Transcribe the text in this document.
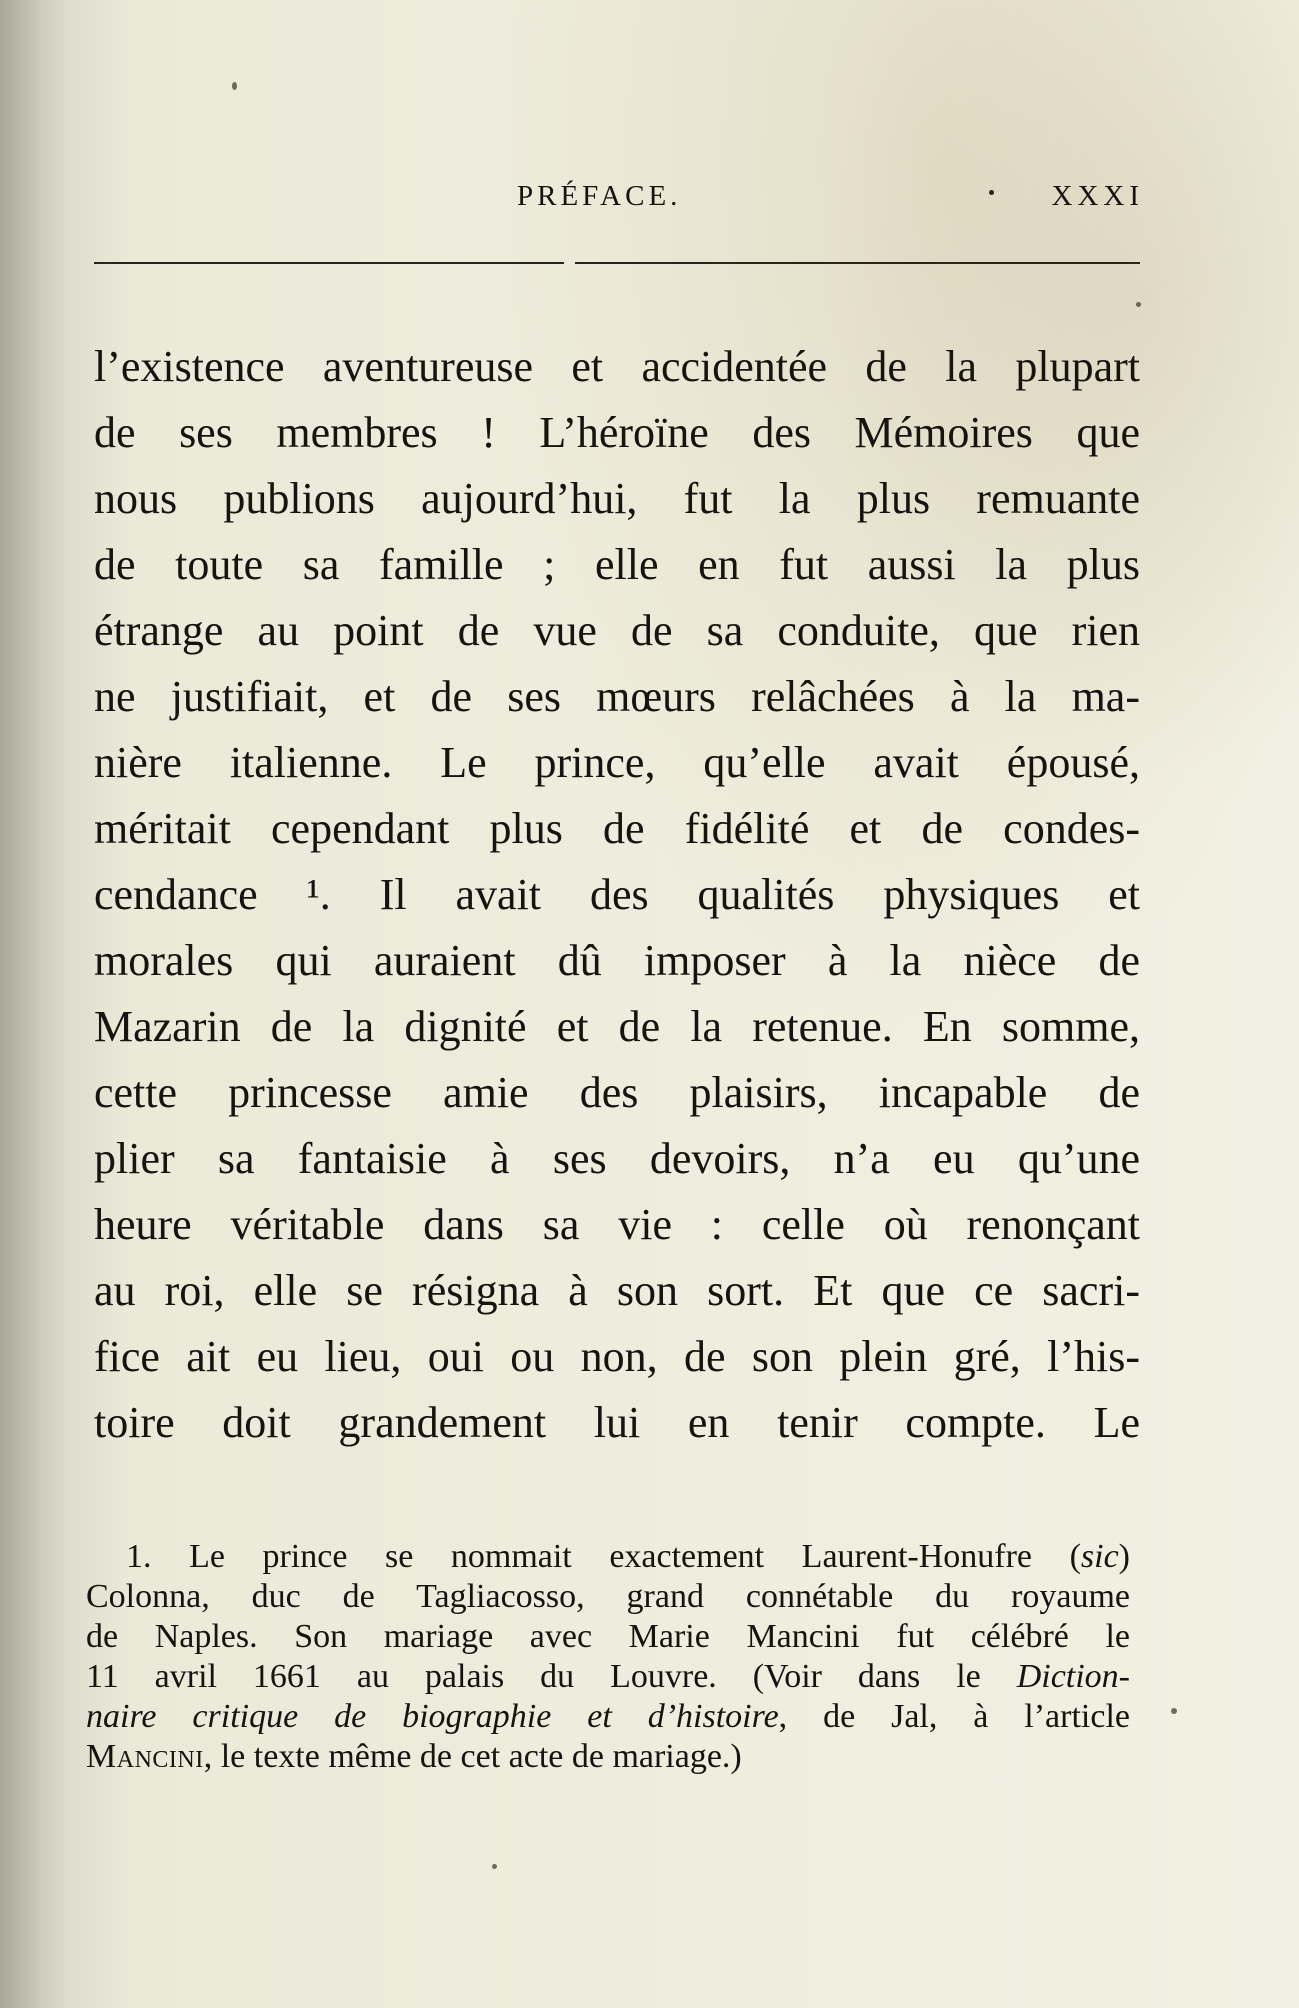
PRÉFACE.	XXXI
l’existence aventureuse et accidentée de la plupart
de ses membres ! L’héroïne des Mémoires que
nous publions aujourd’hui, fut la plus remuante
de toute sa famille ; elle en fut aussi la plus
étrange au point de vue de sa conduite, que rien
ne justifiait, et de ses mœurs relâchées à la ma-
nière italienne. Le prince, qu’elle avait épousé,
méritait cependant plus de fidélité et de condes-
cendance ¹. Il avait des qualités physiques et
morales qui auraient dû imposer à la nièce de
Mazarin de la dignité et de la retenue. En somme,
cette princesse amie des plaisirs, incapable de
plier sa fantaisie à ses devoirs, n’a eu qu’une
heure véritable dans sa vie : celle où renonçant
au roi, elle se résigna à son sort. Et que ce sacri-
fice ait eu lieu, oui ou non, de son plein gré, l’his-
toire doit grandement lui en tenir compte. Le
1. Le prince se nommait exactement Laurent-Honufre (sic)
Colonna, duc de Tagliacosso, grand connétable du royaume
de Naples. Son mariage avec Marie Mancini fut célébré le
11 avril 1661 au palais du Louvre. (Voir dans le Diction-
naire critique de biographie et d’histoire, de Jal, à l’article
Mancini, le texte même de cet acte de mariage.)
